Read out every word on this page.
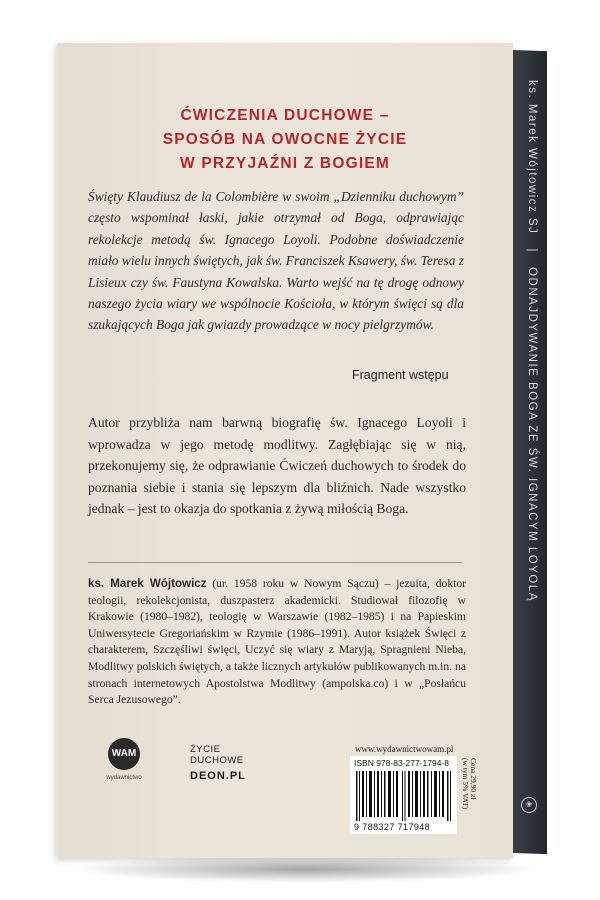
ks. Marek Wójtowicz SJ   |   ODNAJDYWANIE BOGA ZE ŚW. IGNACYM LOYOLĄ
◉
ĆWICZENIA DUCHOWE –
SPOSÓB NA OWOCNE ŻYCIE
W PRZYJAŹNI Z BOGIEM
Święty Klaudiusz de la Colombière w swoim „Dzienniku duchowym” często wspominał łaski, jakie otrzymał od Boga, odprawiając rekolekcje metodą św. Ignacego Loyoli. Podobne doświadczenie miało wielu innych świętych, jak św. Franciszek Ksawery, św. Teresa z Lisieux czy św. Faustyna Kowalska. Warto wejść na tę drogę odnowy naszego życia wiary we wspólnocie Kościoła, w którym święci są dla szukających Boga jak gwiazdy prowadzące w nocy pielgrzymów.
Fragment wstępu
Autor przybliża nam barwną biografię św. Ignacego Loyoli i wprowadza w jego metodę modlitwy. Zagłębiając się w nią, przekonujemy się, że odprawianie Ćwiczeń duchowych to środek do poznania siebie i stania się lepszym dla bliźnich. Nade wszystko jednak – jest to okazja do spotkania z żywą miłością Boga.
ks. Marek Wójtowicz (ur. 1958 roku w Nowym Sączu) – jezuita, doktor teologii, rekolekcjonista, duszpasterz akademicki. Studiował filozofię w Krakowie (1980–1982), teologię w Warszawie (1982–1985) i na Papieskim Uniwersytecie Gregoriańskim w Rzymie (1986–1991). Autor książek Święci z charakterem, Szczęśliwi święci, Uczyć się wiary z Maryją, Spragnieni Nieba, Modlitwy polskich świętych, a także licznych artykułów publikowanych m.in. na stronach internetowych Apostolstwa Modlitwy (ampolska.co) i w „Posłańcu Serca Jezusowego”.
WAM
wydawnictwo
ŻYCIE
DUCHOWE
DEON.PL
www.wydawnictwowam.pl
ISBN 978-83-277-1794-8
9 788327 717948
Cena 29,90 zł
(w tym 5% VAT)
